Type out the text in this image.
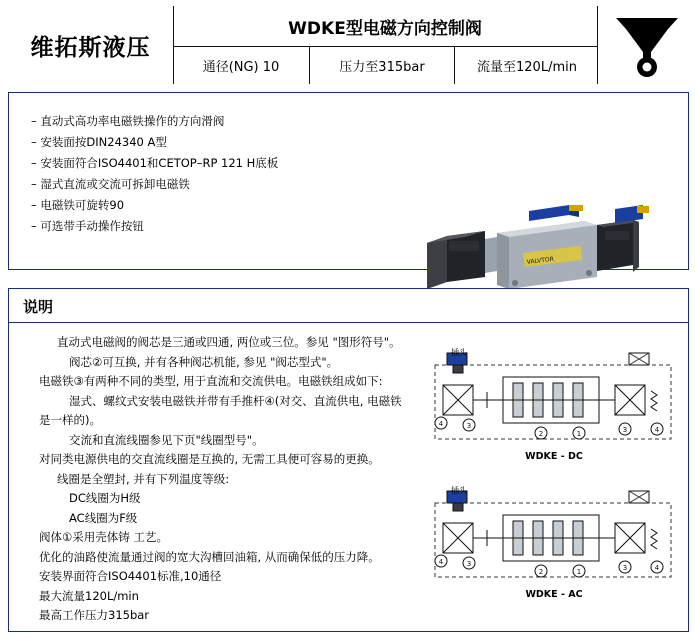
维拓斯液压
WDKE型电磁方向控制阀
通径(NG) 10	压力至315bar	流量至120L/min
– 直动式高功率电磁铁操作的方向滑阀
– 安装面按DIN24340 A型
– 安装面符合ISO4401和CETOP–RP 121 H底板
– 湿式直流或交流可拆卸电磁铁
– 电磁铁可旋转90
– 可选带手动操作按钮
VALVTOR
说明

直动式电磁阀的阀芯是三通或四通, 两位或三位。参见 "图形符号"。

阀芯②可互换, 并有各种阀芯机能, 参见 "阀芯型式"。

电磁铁③有两种不同的类型, 用于直流和交流供电。电磁铁组成如下:

湿式、螺纹式安装电磁铁并带有手推杆④(对交、直流供电, 电磁铁

是一样的)。

交流和直流线圈参见下页"线圈型号"。

对同类电源供电的交直流线圈是互换的, 无需工具便可容易的更换。

线圈是全塑封, 并有下列温度等级:

DC线圈为H级

AC线圈为F级

阀体①采用壳体铸 工艺。

优化的油路使流量通过阀的宽大沟槽回油箱, 从而确保低的压力降。

安装界面符合ISO4401标准,10通径

最大流量120L/min

最高工作压力315bar

插头
4	3
2	1	3	4
WDKE - DC
插头
4	3
2	1	3	4
WDKE - AC
